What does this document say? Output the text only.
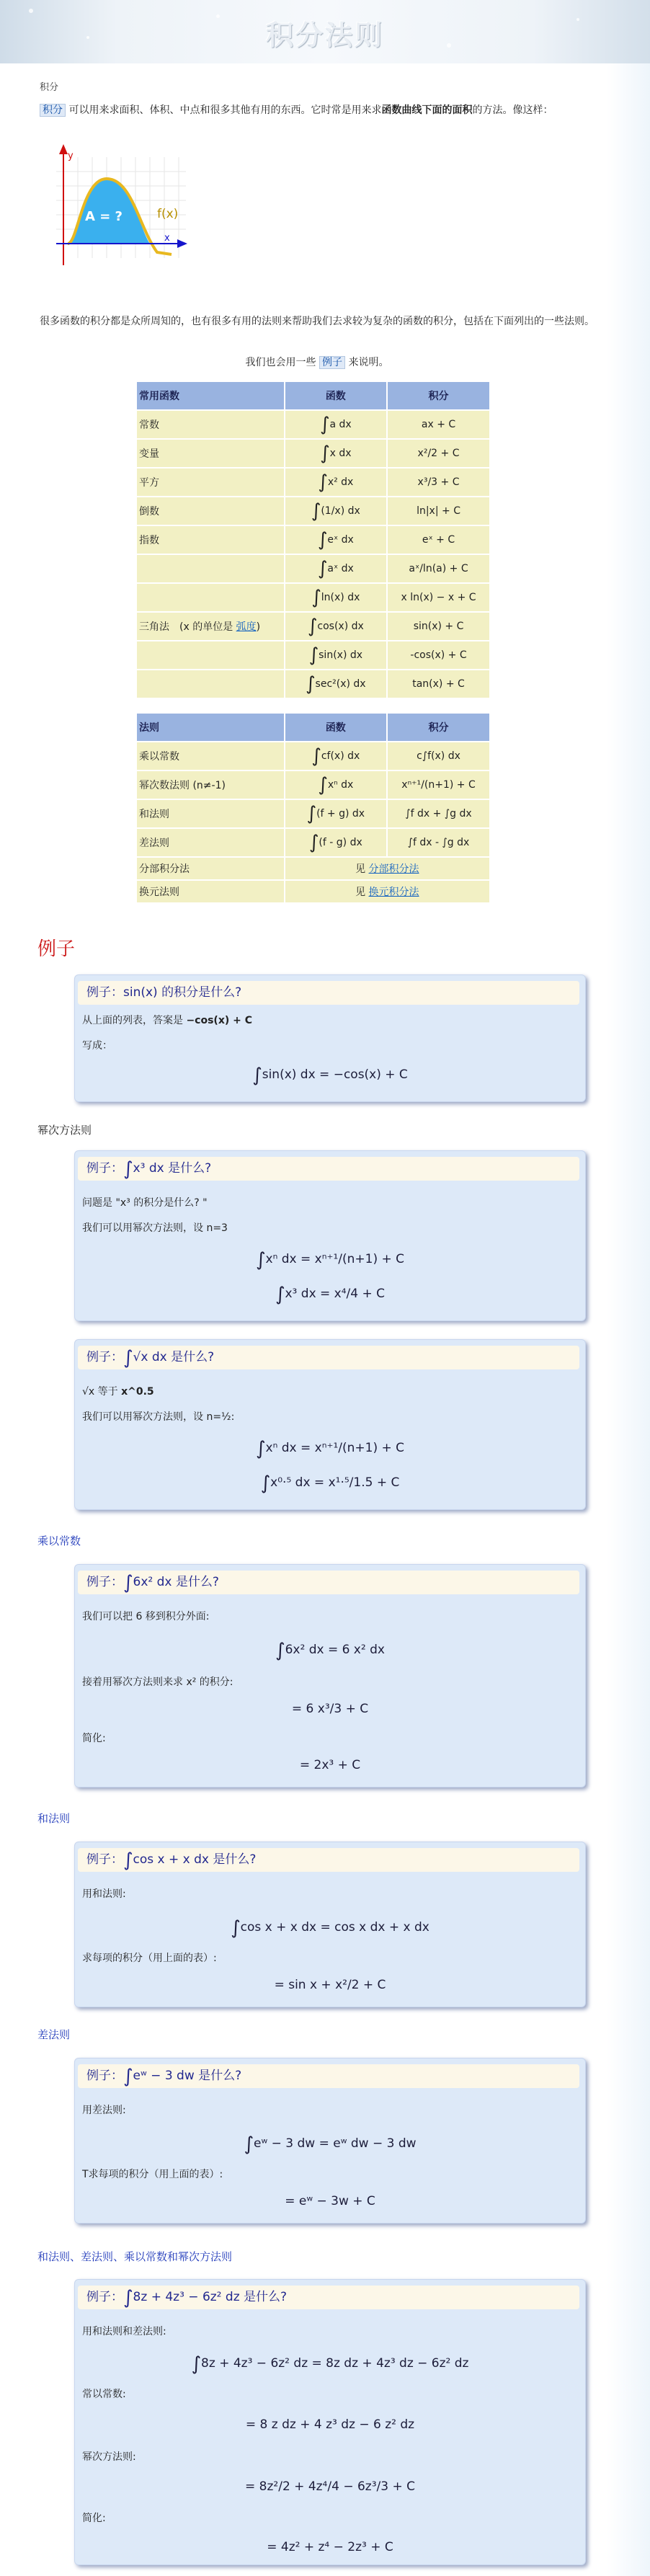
积分法则
积分
积分 可以用来求面积、体积、中点和很多其他有用的东西。它时常是用来求函数曲线下面的面积的方法。像这样：
A = ?	f(x)
y
x
很多函数的积分都是众所周知的，也有很多有用的法则来帮助我们去求较为复杂的函数的积分，包括在下面列出的一些法则。
我们也会用一些 例子 来说明。
常用函数	函数	积分
常数	∫a dx	ax + C
变量	∫x dx	x²/2 + C
平方	∫x² dx	x³/3 + C
倒数	∫(1/x) dx	ln|x| + C
指数	∫eˣ dx	eˣ + C
	∫aˣ dx	aˣ/ln(a) + C
	∫ln(x) dx	x ln(x) − x + C
三角法　(x 的单位是 弧度)	∫cos(x) dx	sin(x) + C
	∫sin(x) dx	-cos(x) + C
	∫sec²(x) dx	tan(x) + C

法则	函数	积分
乘以常数	∫cf(x) dx	c∫f(x) dx
幂次数法则 (n≠-1)	∫xⁿ dx	xⁿ⁺¹/(n+1) + C
和法则	∫(f + g) dx	∫f dx + ∫g dx
差法则	∫(f - g) dx	∫f dx - ∫g dx
分部积分法	见 分部积分法	
换元法则	见 换元积分法	
例子
例子：sin(x) 的积分是什么?
从上面的列表，答案是 −cos(x) + C
写成：
∫sin(x) dx = −cos(x) + C
幂次方法则
例子：∫x³ dx 是什么?
问题是 "x³ 的积分是什么? "
我们可以用幂次方法则，设 n=3
∫xⁿ dx = xⁿ⁺¹/(n+1) + C
∫x³ dx = x⁴/4 + C
例子：∫√x dx 是什么?
√x 等于 x^0.5
我们可以用幂次方法则，设 n=½:
∫xⁿ dx = xⁿ⁺¹/(n+1) + C
∫x⁰·⁵ dx = x¹·⁵/1.5 + C
乘以常数
例子：∫6x² dx 是什么?
我们可以把 6 移到积分外面:
∫6x² dx = 6 x² dx
接着用幂次方法则来求 x² 的积分:
= 6 x³/3 + C
简化:
= 2x³ + C
和法则
例子：∫cos x + x dx 是什么?
用和法则:
∫cos x + x dx = cos x dx + x dx
求每项的积分（用上面的表）:
= sin x + x²/2 + C
差法则
例子：∫eʷ − 3 dw 是什么?
用差法则:
∫eʷ − 3 dw = eʷ dw − 3 dw
T求每项的积分（用上面的表）:
= eʷ − 3w + C
和法则、差法则、乘以常数和幂次方法则
例子：∫8z + 4z³ − 6z² dz 是什么?
用和法则和差法则:
∫8z + 4z³ − 6z² dz = 8z dz + 4z³ dz − 6z² dz
常以常数:
= 8 z dz + 4 z³ dz − 6 z² dz
幂次方法则:
= 8z²/2 + 4z⁴/4 − 6z³/3 + C
简化:
= 4z² + z⁴ − 2z³ + C
